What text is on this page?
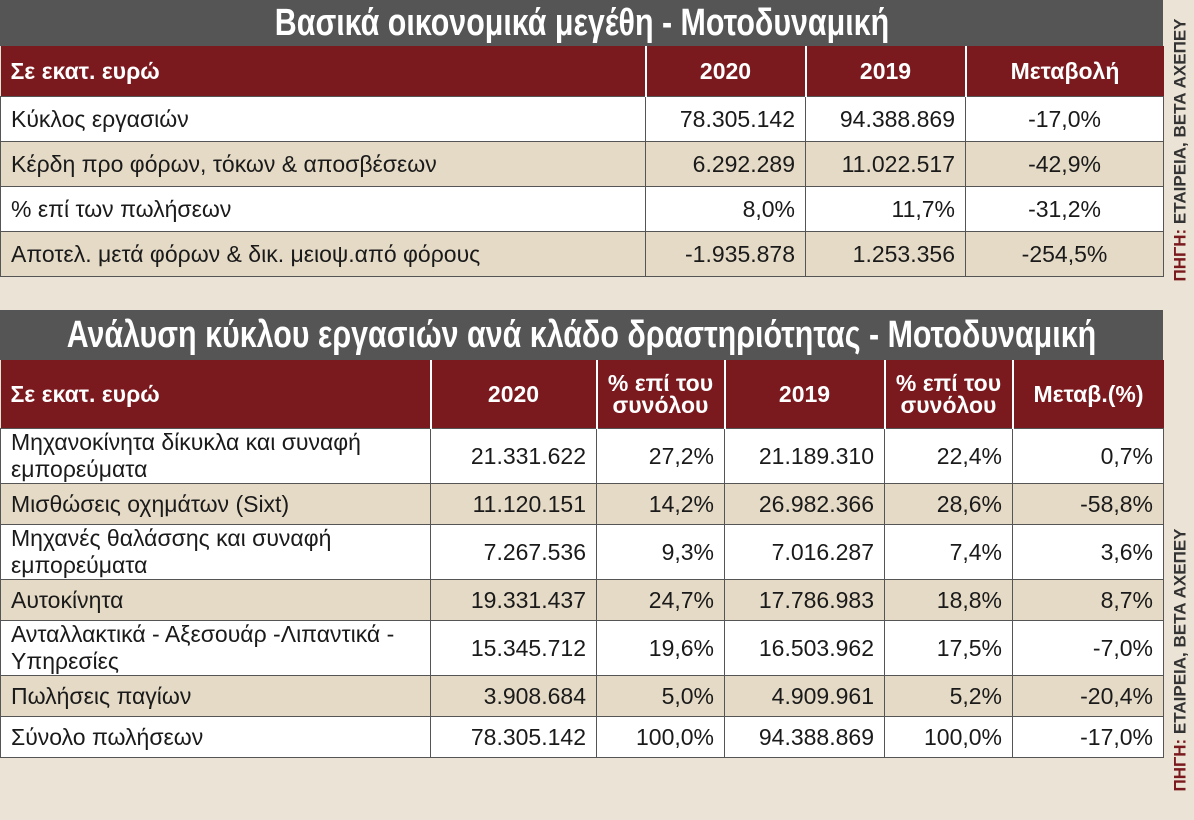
Βασικά οικονομικά μεγέθη - Μοτοδυναμική
Σε εκατ. ευρώ	2020	2019	Μεταβολή
Κύκλος εργασιών	78.305.142	94.388.869	-17,0%
Κέρδη προ φόρων, τόκων & αποσβέσεων	6.292.289	11.022.517	-42,9%
% επί των πωλήσεων	8,0%	11,7%	-31,2%
Αποτελ. μετά φόρων & δικ. μειοψ.από φόρους	-1.935.878	1.253.356	-254,5%	ΠΗΓΗ: ΕΤΑΙΡΕΙΑ, BETA ΑΧΕΠΕΥ
Ανάλυση κύκλου εργασιών ανά κλάδο δραστηριότητας - Μοτοδυναμική
Σε εκατ. ευρώ	2020	% επί του συνόλου	2019	% επί του συνόλου	Μεταβ.(%)
Μηχανοκίνητα δίκυκλα και συναφή εμπορεύματα	21.331.622	27,2%	21.189.310	22,4%	0,7%
Μισθώσεις οχημάτων (Sixt)	11.120.151	14,2%	26.982.366	28,6%	-58,8%
Μηχανές θαλάσσης και συναφή εμπορεύματα	7.267.536	9,3%	7.016.287	7,4%	3,6%
Αυτοκίνητα	19.331.437	24,7%	17.786.983	18,8%	8,7%
Ανταλλακτικά - Αξεσουάρ -Λιπαντικά - Υπηρεσίες	15.345.712	19,6%	16.503.962	17,5%	-7,0%
Πωλήσεις παγίων	3.908.684	5,0%	4.909.961	5,2%	-20,4%
Σύνολο πωλήσεων	78.305.142	100,0%	94.388.869	100,0%	-17,0%
ΠΗΓΗ: ΕΤΑΙΡΕΙΑ, BETA ΑΧΕΠΕΥ
